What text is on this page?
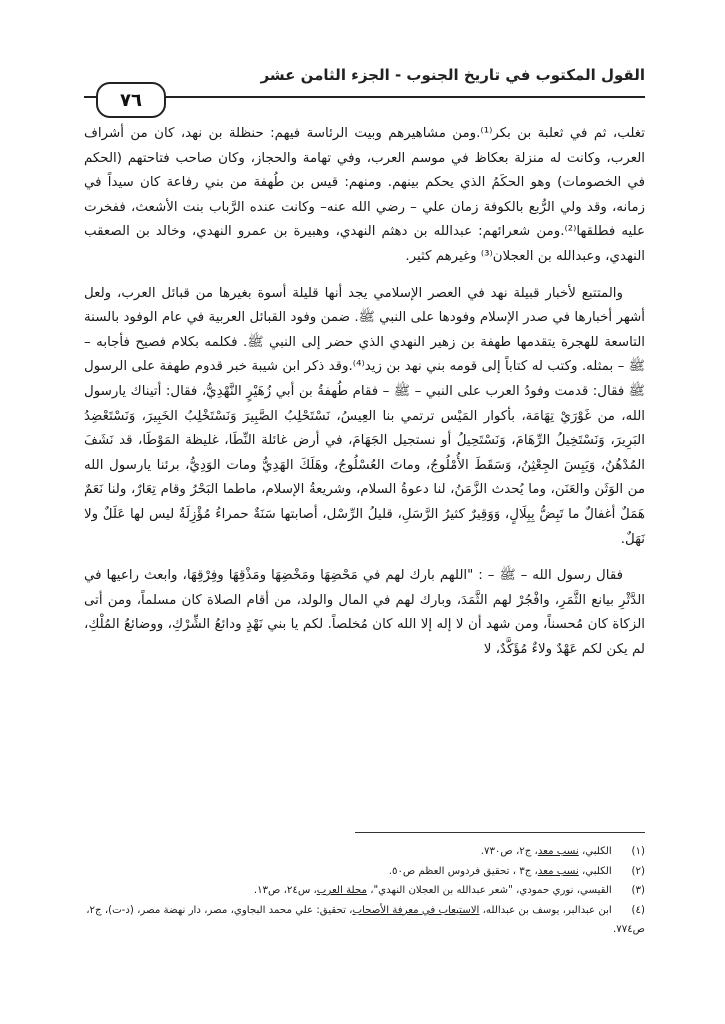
القول المكتوب في تاريخ الجنوب - الجزء الثامن عشر
٧٦

تغلب، ثم في ثعلبة بن بكر⁽¹⁾.ومن مشاهيرهم وبيت الرئاسة فيهم: حنظلة بن نهد، كان من أشراف العرب، وكانت له منزلة بعكاظ في موسم العرب، وفي تهامة والحجاز، وكان صاحب فتاحتهم (الحكم في الخصومات) وهو الحكَمُ الذي يحكم بينهم. ومنهم: قيس بن طُهفة من بني رفاعة كان سيداً في زمانه، وقد ولي الرُّبع بالكوفة زمان علي – رضي الله عنه– وكانت عنده الرَّباب بنت الأشعث، ففخرت عليه فطلقها⁽²⁾.ومن شعرائهم: عبدالله بن دهثم النهدي، وهبيرة بن عمرو النهدي، وخالد بن الصعقب النهدي، وعبدالله بن العجلان⁽³⁾ وغيرهم كثير.

والمتتبع لأخبار قبيلة نهد في العصر الإسلامي يجد أنها قليلة أسوة بغيرها من قبائل العرب، ولعل أشهر أخبارها في صدر الإسلام وفودها على النبي ﷺ. ضمن وفود القبائل العربية في عام الوفود بالسنة التاسعة للهجرة يتقدمها طهفة بن زهير النهدي الذي حضر إلى النبي ﷺ. فكلمه بكلام فصيح فأجابه – ﷺ – بمثله. وكتب له كتاباً إلى قومه بني نهد بن زيد⁽⁴⁾.وقد ذكر ابن شيبة خبر قدوم طهفة على الرسول ﷺ فقال: قدمت وفودُ العرب على النبي – ﷺ – فقام طُهفةُ بن أبي زُهَيْرٍ النَّهْدِيُّ، فقال: أتيناك يارسول الله، من غَوْرَيْ تِهَامَة، بأكوار المَيْس ترتمي بنا العِيسُ، نَسْتَحْلِبُ الصَّبِيرَ وَنَسْتَخْلِبُ الخَبِيرَ، وَنَسْتَعْضِدُ البَرِيرَ، وَنَسْتَخِيلُ الرِّهَامَ، وَنَسْتَحِيلُ أو نستجيل الجَهَامَ، في أرض غائلة النِّطَا، غليظة المَوْطَا، قد نَشَفَ المُدْهُنُ، وَيَبِسَ الجِعْثِنُ، وَسَقَطَ الأُمْلُوجُ، وماتَ العُسْلُوجُ، وهَلَكَ الهَدِيُّ ومات الوَدِيُّ، برئنا يارسول الله من الوَثَن والعَنَن، وما يُحدث الزَّمَنُ، لنا دعوةُ السلام، وشريعةُ الإسلام، ماطما البَحْرُ وقام تِعَارٌ، ولنا نَعَمٌ هَمَلٌ أغفالٌ ما تَبِضُّ بِبِلَالٍ، وَوَقِيرٌ كثيرُ الرَّسَلِ، قليلُ الرِّسْل، أصابتها سَنَةٌ حمراءُ مُؤْزِلَةٌ ليس لها عَلَلٌ ولا نَهَلٌ.

فقال رسول الله – ﷺ – : "اللهم بارك لهم في مَحْضِهَا ومَخْضِهَا ومَذْقِهَا وفِرْقِهَا، وابعث راعيها في الدَّثْرِ بيانع الثَّمَرِ، وافْجُرْ لهم الثَّمَدَ، وبارك لهم في المال والولد، من أقام الصلاة كان مسلماً، ومن أتى الزكاة كان مُحسناً، ومن شهد أن لا إله إلا الله كان مُخلصاً. لكم يا بني نَهْدٍ ودائعُ الشِّرْكِ، ووضائعُ المُلْكِ، لم يكن لكم عَهْدٌ ولاءٌ مُؤَكَّدٌ، لا

(١) الكلبي، نسب معد، ج٢، ص٧٣٠.
(٢) الكلبي، نسب معد، ج٣ ، تحقيق فردوس العظم ص٥٠.
(٣) القيسي، نوري حمودي، "شعر عبدالله بن العجلان النهدي"، مجلة العرب، س٢٤، ص١٣.
(٤) ابن عبدالبر، يوسف بن عبدالله، الاستيعاب في معرفة الأصحاب، تحقيق: علي محمد البجاوي، مصر، دار نهضة مصر، (د-ت)، ج٢، ص٧٧٤.
